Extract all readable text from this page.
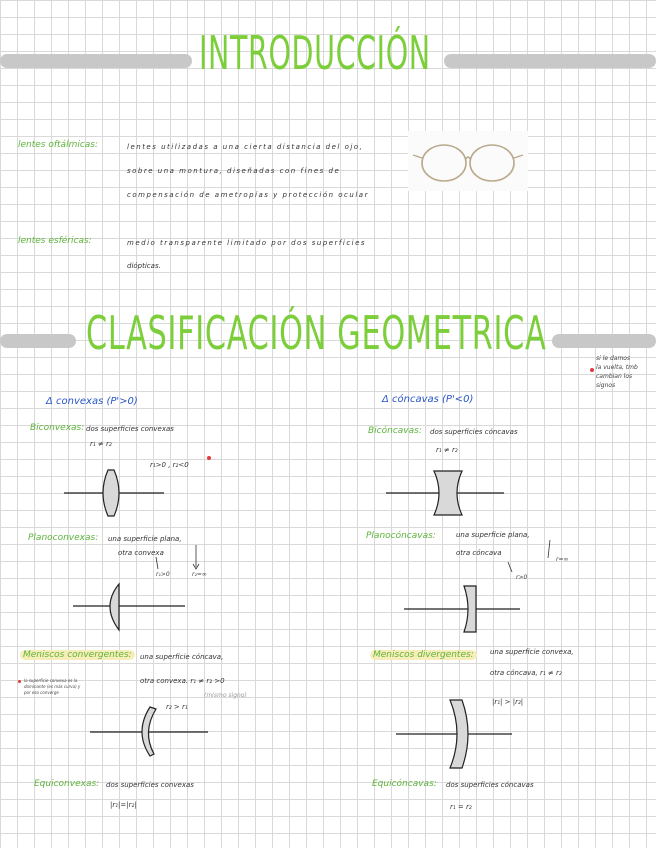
INTRODUCCIÓN
lentes oftálmicas:	lentes utilizadas a una cierta distancia del ojo,
sobre una montura, diseñadas con fines de
compensación de ametropías y protección ocular
lentes esféricas:	medio transparente limitado por dos superficies
diópticas.
CLASIFICACIÓN GEOMETRICA	si le damos
la vuelta, tmb
cambian los
signos
Δ convexas (P'>0)	Δ cóncavas (P'<0)
Biconvexas: dos superficies convexas
r₁ ≠ r₂
r₁>0 , r₂<0
Bicóncavas: dos superficies cóncavas
r₁ ≠ r₂
Planoconvexas: una superficie plana,
otra convexa
r₁>0	r₂=∞
Planocóncavas:	una superficie plana,
otra cóncava
r=∞
r>0
Meniscos convergentes:	una superficie cóncava,
otra convexa. r₁ ≠ r₂ >0
r₂ > r₁
(mismo signo)
la superficie convexa es la
dominante (es más curva) y
por eso converge
Meniscos divergentes:	una superficie convexa,
otra cóncava, r₁ ≠ r₂
|r₁| > |r₂|
Equiconvexas: dos superficies convexas
|r₁|=|r₂|
Equicóncavas: dos superficies cóncavas
r₁ = r₂
